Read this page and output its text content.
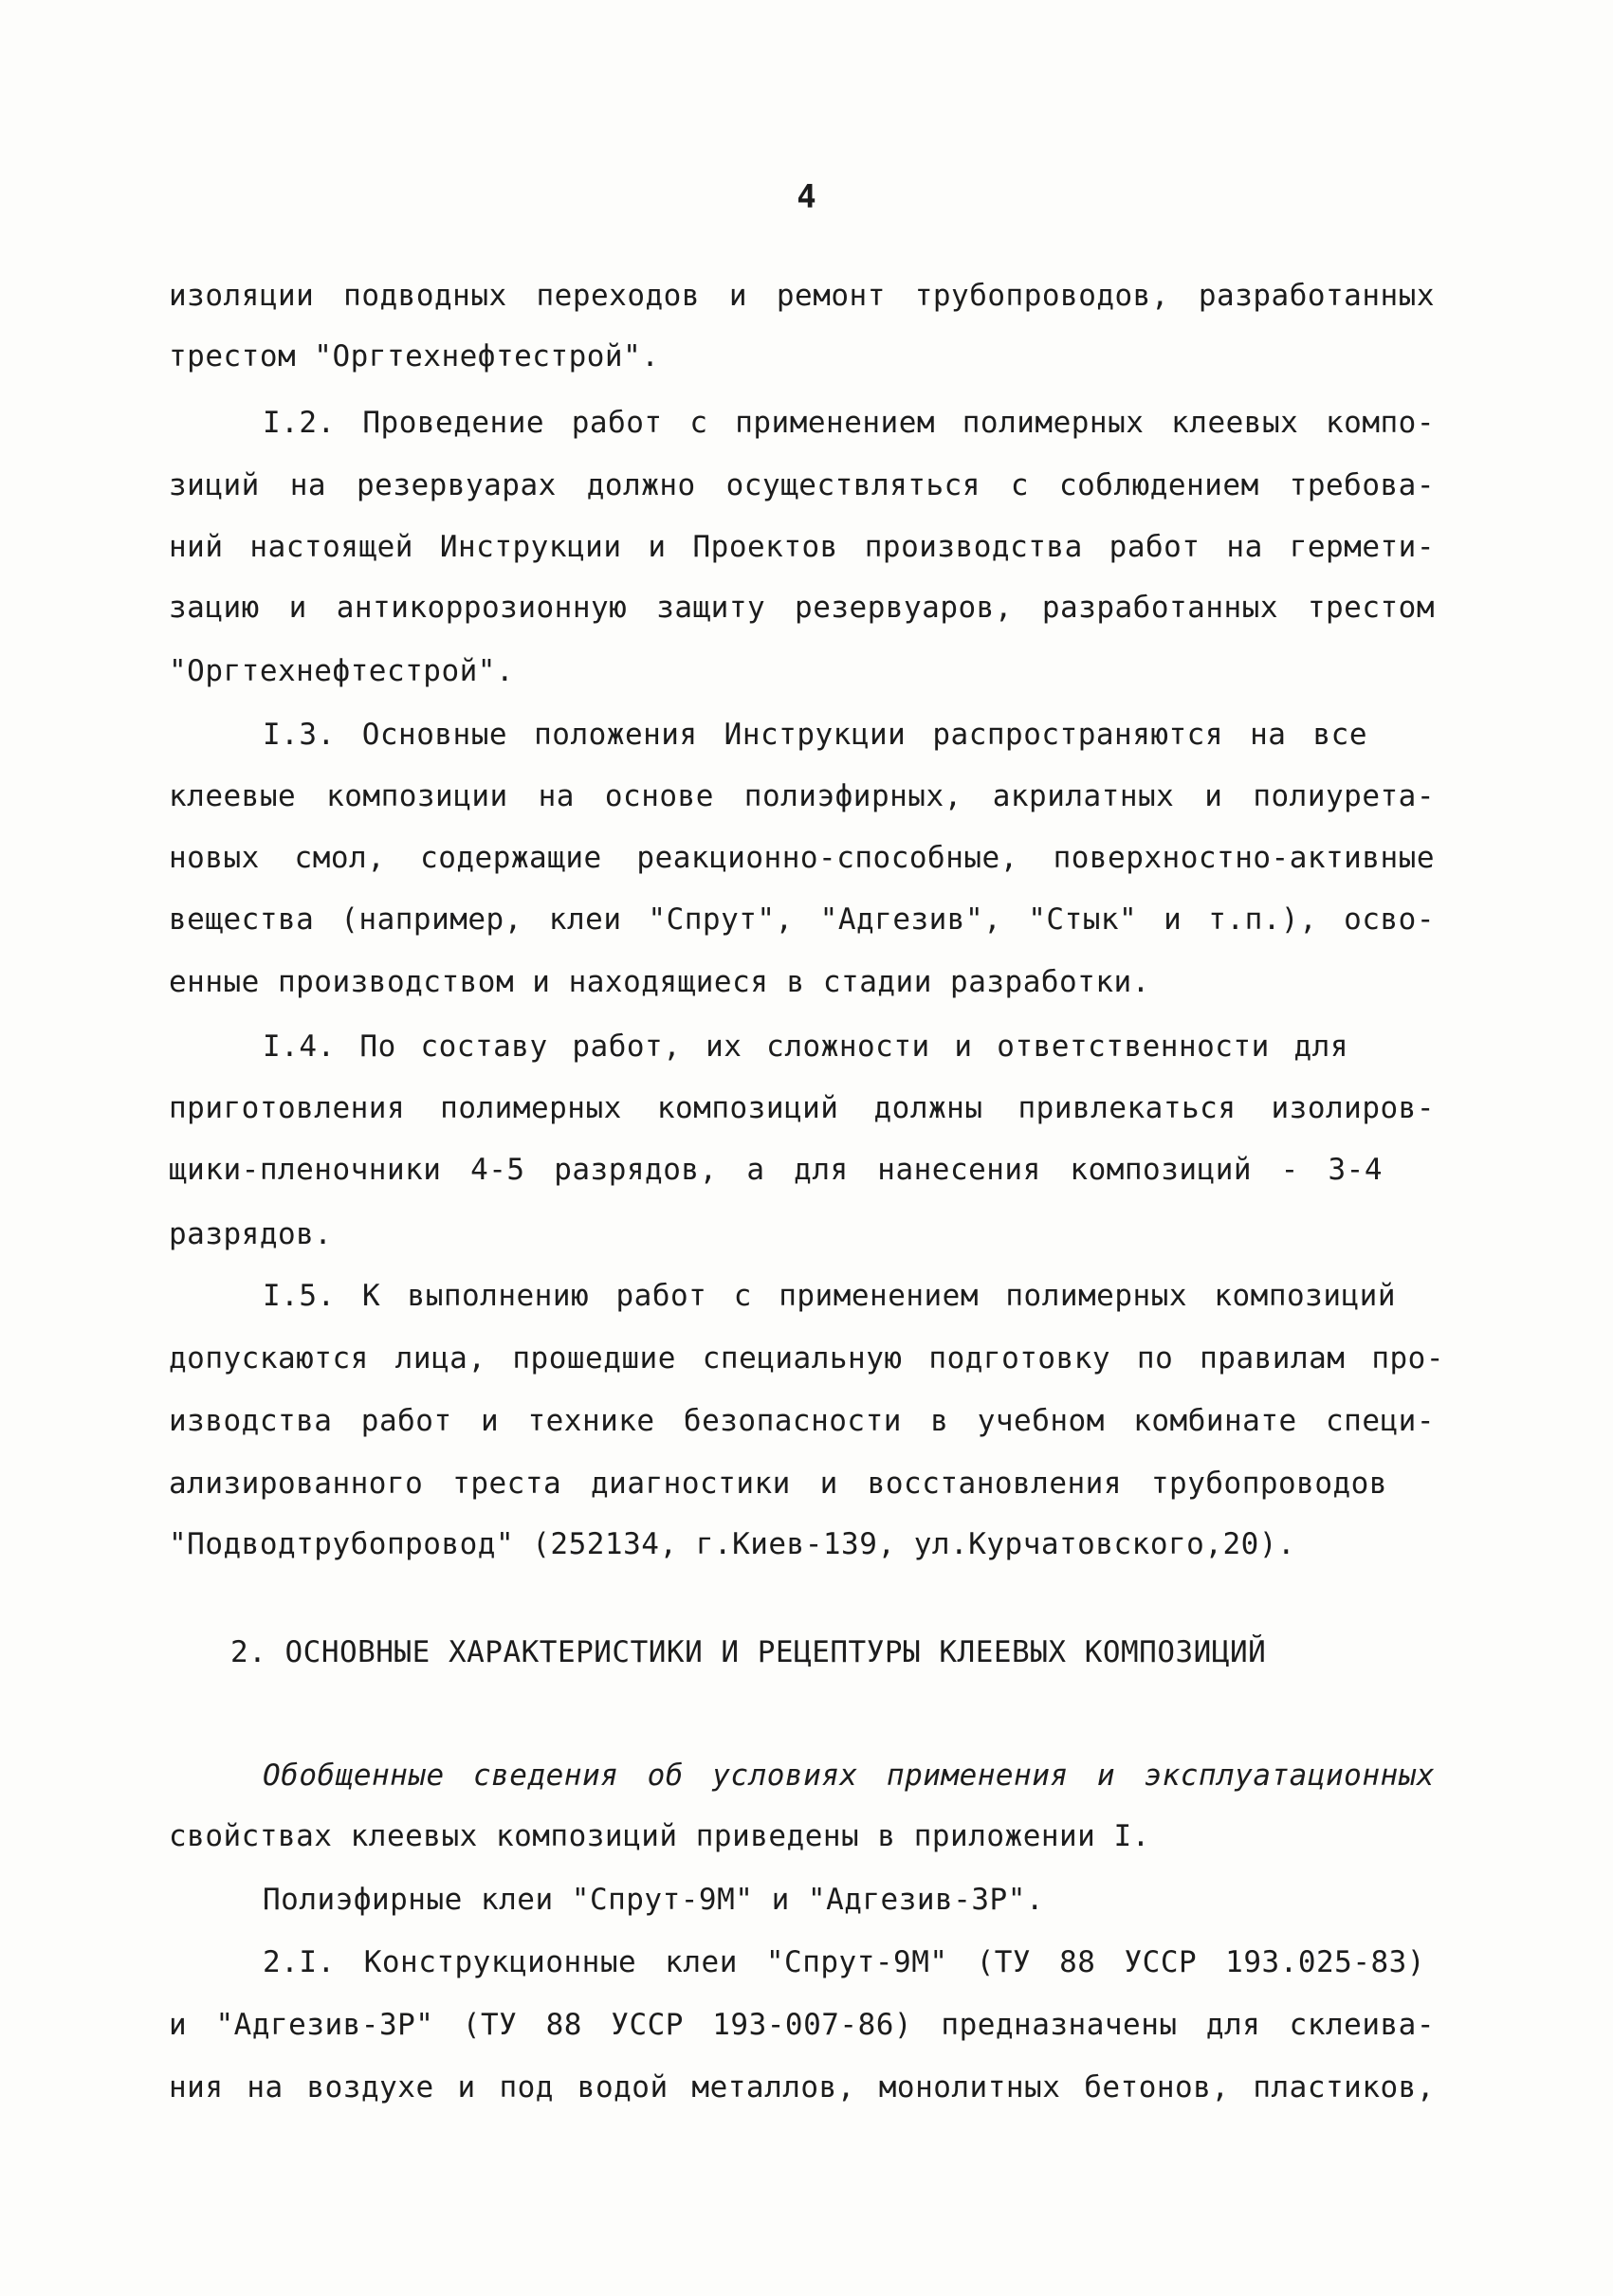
4
изоляции подводных переходов и ремонт трубопроводов, разработанных
трестом "Оргтехнефтестрой".
I.2. Проведение работ с применением полимерных клеевых компо-
зиций на резервуарах должно осуществляться с соблюдением требова-
ний настоящей Инструкции и Проектов производства работ на гермети-
зацию и антикоррозионную защиту резервуаров, разработанных трестом
"Оргтехнефтестрой".
I.3. Основные положения Инструкции распространяются на все
клеевые композиции на основе полиэфирных, акрилатных и полиурета-
новых смол, содержащие реакционно-способные, поверхностно-активные
вещества (например, клеи "Спрут", "Адгезив", "Стык" и т.п.), осво-
енные производством и находящиеся в стадии разработки.
I.4. По составу работ, их сложности и ответственности для
приготовления полимерных композиций должны привлекаться изолиров-
щики-пленочники 4-5 разрядов, а для нанесения композиций - 3-4
разрядов.
I.5. К выполнению работ с применением полимерных композиций
допускаются лица, прошедшие специальную подготовку по правилам про-
изводства работ и технике безопасности в учебном комбинате специ-
ализированного треста диагностики и восстановления трубопроводов
"Подводтрубопровод" (252134, г.Киев-139, ул.Курчатовского,20).
2. ОСНОВНЫЕ ХАРАКТЕРИСТИКИ И РЕЦЕПТУРЫ КЛЕЕВЫХ КОМПОЗИЦИЙ
Обобщенные сведения об условиях применения и эксплуатационных
свойствах клеевых композиций приведены в приложении I.
Полиэфирные клеи "Спрут-9М" и "Адгезив-3Р".
2.I. Конструкционные клеи "Спрут-9М" (ТУ 88 УССР 193.025-83)
и "Адгезив-3Р" (ТУ 88 УССР 193-007-86) предназначены для склеива-
ния на воздухе и под водой металлов, монолитных бетонов, пластиков,
